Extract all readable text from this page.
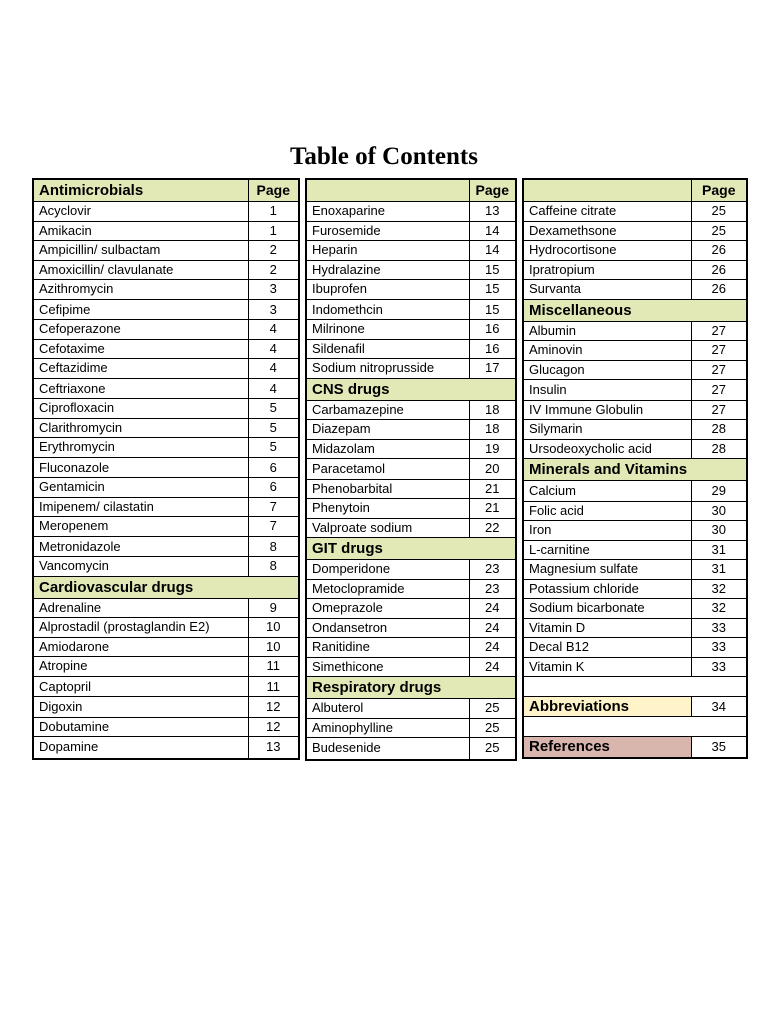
Table of Contents
Antimicrobials	Page
Acyclovir	1
Amikacin	1
Ampicillin/ sulbactam	2
Amoxicillin/ clavulanate	2
Azithromycin	3
Cefipime	3
Cefoperazone	4
Cefotaxime	4
Ceftazidime	4
Ceftriaxone	4
Ciprofloxacin	5
Clarithromycin	5
Erythromycin	5
Fluconazole	6
Gentamicin	6
Imipenem/ cilastatin	7
Meropenem	7
Metronidazole	8
Vancomycin	8
Cardiovascular drugs	
Adrenaline	9
Alprostadil (prostaglandin E2)	10
Amiodarone	10
Atropine	11
Captopril	11
Digoxin	12
Dobutamine	12
Dopamine	13
	Page
Enoxaparine	13
Furosemide	14
Heparin	14
Hydralazine	15
Ibuprofen	15
Indomethcin	15
Milrinone	16
Sildenafil	16
Sodium nitroprusside	17
CNS drugs	
Carbamazepine	18
Diazepam	18
Midazolam	19
Paracetamol	20
Phenobarbital	21
Phenytoin	21
Valproate sodium	22
GIT drugs	
Domperidone	23
Metoclopramide	23
Omeprazole	24
Ondansetron	24
Ranitidine	24
Simethicone	24
Respiratory drugs	
Albuterol	25
Aminophylline	25
Budesenide	25
	Page
Caffeine citrate	25
Dexamethsone	25
Hydrocortisone	26
Ipratropium	26
Survanta	26
Miscellaneous	
Albumin	27
Aminovin	27
Glucagon	27
Insulin	27
IV Immune Globulin	27
Silymarin	28
Ursodeoxycholic acid	28
Minerals and Vitamins	
Calcium	29
Folic acid	30
Iron	30
L-carnitine	31
Magnesium sulfate	31
Potassium chloride	32
Sodium bicarbonate	32
Vitamin D	33
Decal B12	33
Vitamin K	33

Abbreviations	34

References	35
